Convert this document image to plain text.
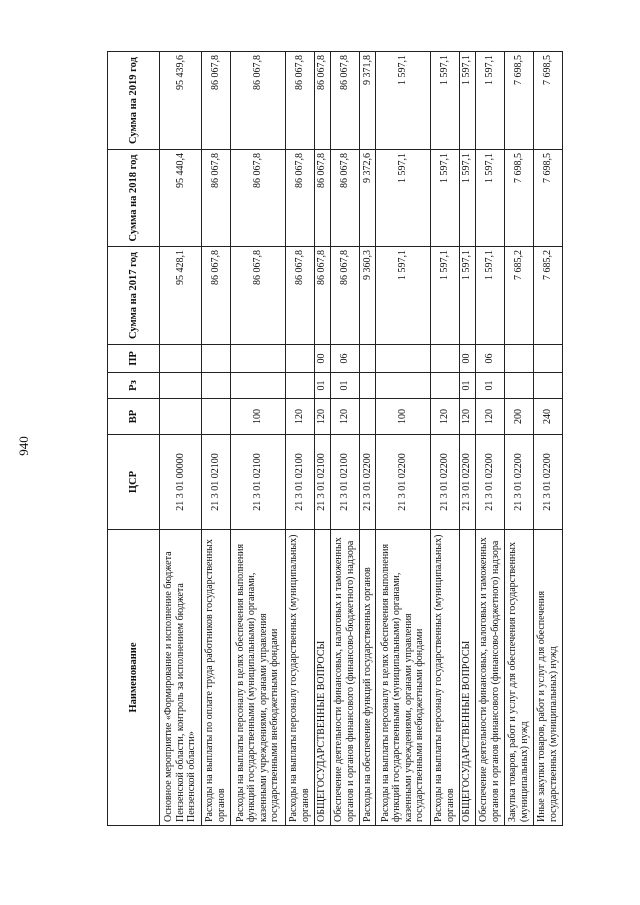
940
Наименование	ЦСР	ВР	Рз	ПР	Сумма на 2017 год	Сумма на 2018 год	Сумма на 2019 год
Основное мероприятие «Формирование и исполнение бюджета Пензенской области, контроль за исполнением бюджета Пензенской области»	21 3 01 00000				95 428,1	95 440,4	95 439,6
Расходы на выплаты по оплате труда работников государственных органов	21 3 01 02100				86 067,8	86 067,8	86 067,8
Расходы на выплаты персоналу в целях обеспечения выполнения функций государственными (муниципальными) органами, казенными учреждениями, органами управления государственными внебюджетными фондами	21 3 01 02100	100			86 067,8	86 067,8	86 067,8
Расходы на выплаты персоналу государственных (муниципальных) органов	21 3 01 02100	120			86 067,8	86 067,8	86 067,8
ОБЩЕГОСУДАРСТВЕННЫЕ ВОПРОСЫ	21 3 01 02100	120	01	00	86 067,8	86 067,8	86 067,8
Обеспечение деятельности финансовых, налоговых и таможенных органов и органов финансового (финансово-бюджетного) надзора	21 3 01 02100	120	01	06	86 067,8	86 067,8	86 067,8
Расходы на обеспечение функций государственных органов	21 3 01 02200				9 360,3	9 372,6	9 371,8
Расходы на выплаты персоналу в целях обеспечения выполнения функций государственными (муниципальными) органами, казенными учреждениями, органами управления государственными внебюджетными фондами	21 3 01 02200	100			1 597,1	1 597,1	1 597,1
Расходы на выплаты персоналу государственных (муниципальных) органов	21 3 01 02200	120			1 597,1	1 597,1	1 597,1
ОБЩЕГОСУДАРСТВЕННЫЕ ВОПРОСЫ	21 3 01 02200	120	01	00	1 597,1	1 597,1	1 597,1
Обеспечение деятельности финансовых, налоговых и таможенных органов и органов финансового (финансово-бюджетного) надзора	21 3 01 02200	120	01	06	1 597,1	1 597,1	1 597,1
Закупка товаров, работ и услуг для обеспечения государственных (муниципальных) нужд	21 3 01 02200	200			7 685,2	7 698,5	7 698,5
Иные закупки товаров, работ и услуг для обеспечения государственных (муниципальных) нужд	21 3 01 02200	240			7 685,2	7 698,5	7 698,5
